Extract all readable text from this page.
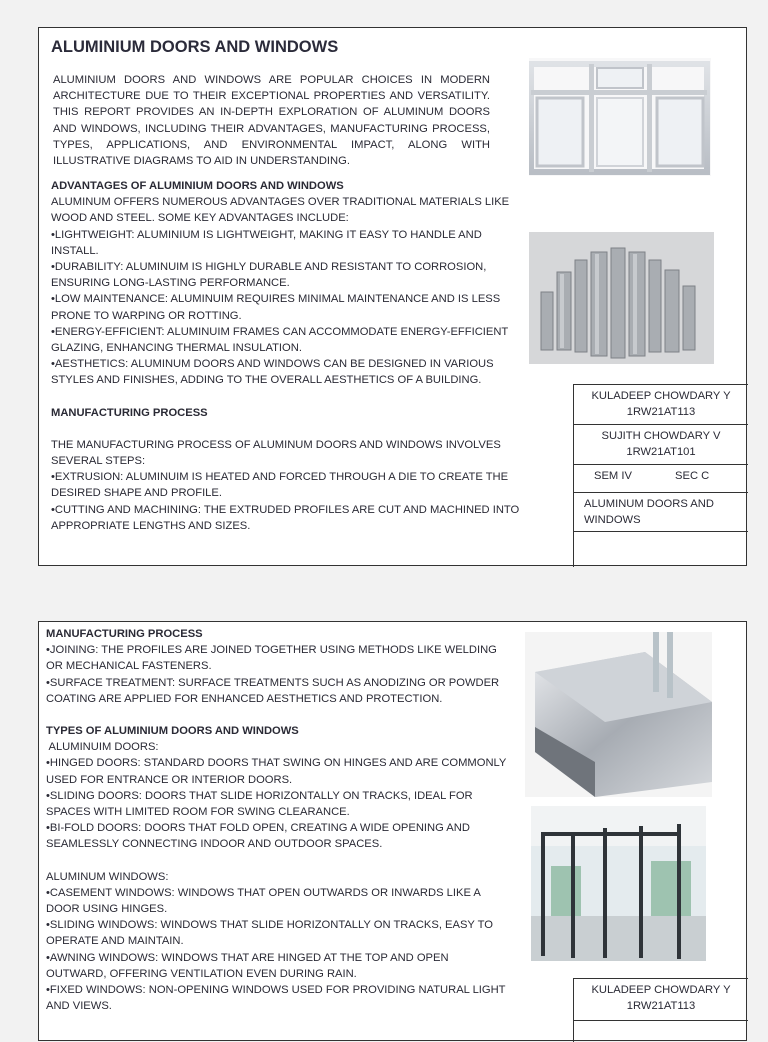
ALUMINIUM DOORS AND WINDOWS
ALUMINIUM DOORS AND WINDOWS ARE POPULAR CHOICES IN MODERN ARCHITECTURE DUE TO THEIR EXCEPTIONAL PROPERTIES AND VERSATILITY. THIS REPORT PROVIDES AN IN-DEPTH EXPLORATION OF ALUMINUM DOORS AND WINDOWS, INCLUDING THEIR ADVANTAGES, MANUFACTURING PROCESS, TYPES, APPLICATIONS, AND ENVIRONMENTAL IMPACT, ALONG WITH ILLUSTRATIVE DIAGRAMS TO AID IN UNDERSTANDING.

ADVANTAGES OF ALUMINIUM DOORS AND WINDOWS

ALUMINUM OFFERS NUMEROUS ADVANTAGES OVER TRADITIONAL MATERIALS LIKE WOOD AND STEEL. SOME KEY ADVANTAGES INCLUDE:

•LIGHTWEIGHT: ALUMINIUM IS LIGHTWEIGHT, MAKING IT EASY TO HANDLE AND INSTALL.

•DURABILITY: ALUMINUIM IS HIGHLY DURABLE AND RESISTANT TO CORROSION, ENSURING LONG-LASTING PERFORMANCE.

•LOW MAINTENANCE: ALUMINUIM REQUIRES MINIMAL MAINTENANCE AND IS LESS PRONE TO WARPING OR ROTTING.

•ENERGY-EFFICIENT: ALUMINUIM FRAMES CAN ACCOMMODATE ENERGY-EFFICIENT GLAZING, ENHANCING THERMAL INSULATION.

•AESTHETICS: ALUMINUM DOORS AND WINDOWS CAN BE DESIGNED IN VARIOUS STYLES AND FINISHES, ADDING TO THE OVERALL AESTHETICS OF A BUILDING.

MANUFACTURING PROCESS

THE MANUFACTURING PROCESS OF ALUMINUM DOORS AND WINDOWS INVOLVES SEVERAL STEPS:

•EXTRUSION: ALUMINUIM IS HEATED AND FORCED THROUGH A DIE TO CREATE THE DESIRED SHAPE AND PROFILE.

•CUTTING AND MACHINING: THE EXTRUDED PROFILES ARE CUT AND MACHINED INTO APPROPRIATE LENGTHS AND SIZES.

KULADEEP CHOWDARY Y
1RW21AT113
SUJITH CHOWDARY V
1RW21AT101
SEM IV	SEC C
ALUMINUM DOORS AND WINDOWS

MANUFACTURING PROCESS

•JOINING: THE PROFILES ARE JOINED TOGETHER USING METHODS LIKE WELDING OR MECHANICAL FASTENERS.

•SURFACE TREATMENT: SURFACE TREATMENTS SUCH AS ANODIZING OR POWDER COATING ARE APPLIED FOR ENHANCED AESTHETICS AND PROTECTION.

TYPES OF ALUMINIUM DOORS AND WINDOWS

ALUMINUIM DOORS:

•HINGED DOORS: STANDARD DOORS THAT SWING ON HINGES AND ARE COMMONLY USED FOR ENTRANCE OR INTERIOR DOORS.

•SLIDING DOORS: DOORS THAT SLIDE HORIZONTALLY ON TRACKS, IDEAL FOR SPACES WITH LIMITED ROOM FOR SWING CLEARANCE.

•BI-FOLD DOORS: DOORS THAT FOLD OPEN, CREATING A WIDE OPENING AND SEAMLESSLY CONNECTING INDOOR AND OUTDOOR SPACES.

ALUMINUM WINDOWS:

•CASEMENT WINDOWS: WINDOWS THAT OPEN OUTWARDS OR INWARDS LIKE A DOOR USING HINGES.

•SLIDING WINDOWS: WINDOWS THAT SLIDE HORIZONTALLY ON TRACKS, EASY TO OPERATE AND MAINTAIN.

•AWNING WINDOWS: WINDOWS THAT ARE HINGED AT THE TOP AND OPEN OUTWARD, OFFERING VENTILATION EVEN DURING RAIN.

•FIXED WINDOWS: NON-OPENING WINDOWS USED FOR PROVIDING NATURAL LIGHT AND VIEWS.

KULADEEP CHOWDARY Y
1RW21AT113
